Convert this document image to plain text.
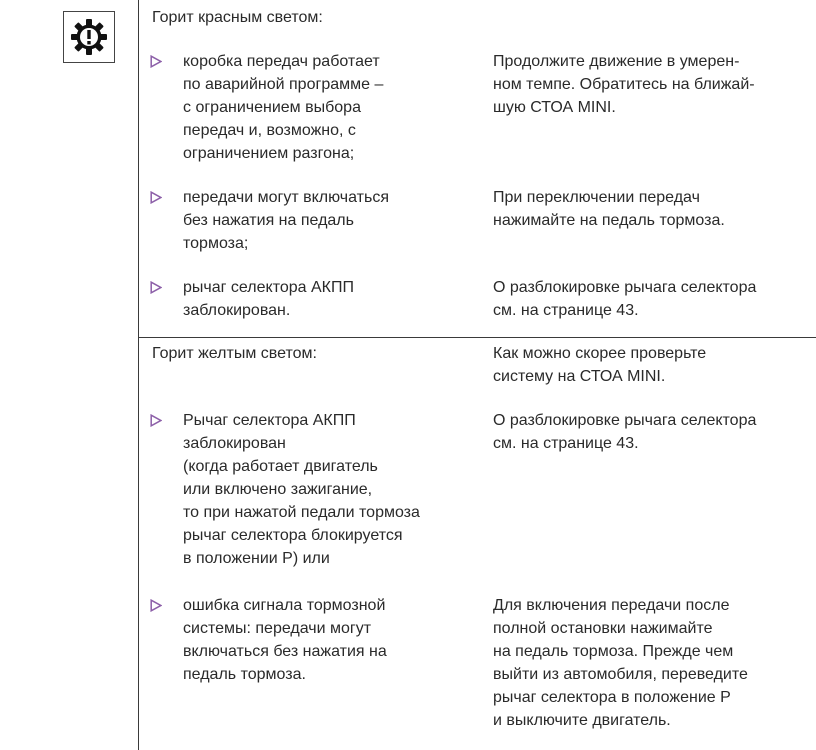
Горит красным светом:
коробка передач работает
по аварийной программе –
с ограничением выбора
передач и, возможно, с
ограничением разгона;
Продолжите движение в умерен-
ном темпе. Обратитесь на ближай-
шую СТОА MINI.
передачи могут включаться
без нажатия на педаль
тормоза;
При переключении передач
нажимайте на педаль тормоза.
рычаг селектора АКПП
заблокирован.
О разблокировке рычага селектора
см. на странице 43.
Горит желтым светом:	Как можно скорее проверьте
систему на СТОА MINI.
Рычаг селектора АКПП
заблокирован
(когда работает двигатель
или включено зажигание,
то при нажатой педали тормоза
рычаг селектора блокируется
в положении P) или
О разблокировке рычага селектора
см. на странице 43.
ошибка сигнала тормозной
системы: передачи могут
включаться без нажатия на
педаль тормоза.
Для включения передачи после
полной остановки нажимайте
на педаль тормоза. Прежде чем
выйти из автомобиля, переведите
рычаг селектора в положение P
и выключите двигатель.
